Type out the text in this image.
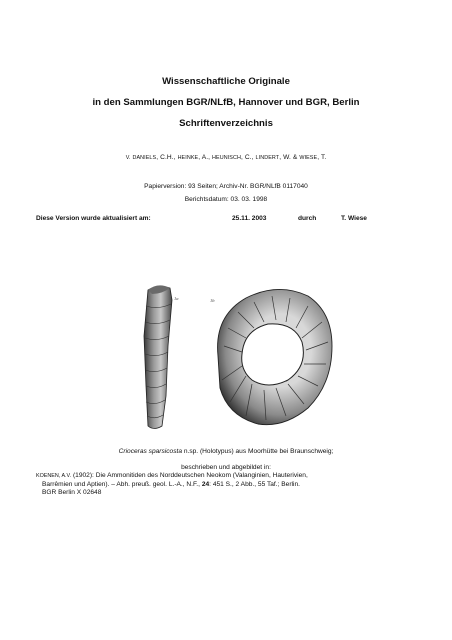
Wissenschaftliche Originale
in den Sammlungen BGR/NLfB, Hannover und BGR, Berlin
Schriftenverzeichnis
V. DANIELS, C.H., HEINKE, A., HEUNISCH, C., LINDERT, W. & WIESE, T.
Papierversion: 93 Seiten; Archiv-Nr. BGR/NLfB 0117040
Berichtsdatum: 03. 03. 1998
Diese Version wurde aktualisiert am:	25.11. 2003	durch	T. Wiese
1a	1b
Crioceras sparsicosta n.sp. (Holotypus) aus Moorhütte bei Braunschweig;
beschrieben und abgebildet in:
KOENEN, A.V. (1902): Die Ammonitiden des Norddeutschen Neokom (Valanginien, Hauterivien,
Barrêmien und Aptien). – Abh. preuß. geol. L.-A., N.F., 24: 451 S., 2 Abb., 55 Taf.; Berlin.
BGR Berlin X 02648
